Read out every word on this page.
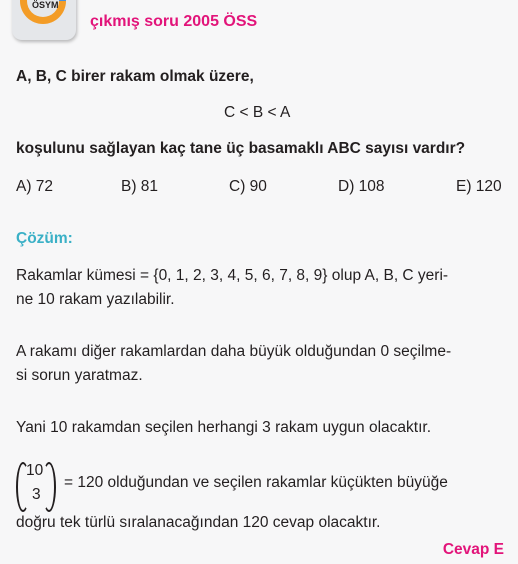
ÖSYM
çıkmış soru 2005 ÖSS
A, B, C birer rakam olmak üzere,
C < B < A
koşulunu sağlayan kaç tane üç basamaklı ABC sayısı vardır?
A) 72	B) 81	C) 90	D) 108	E) 120
Çözüm:
Rakamlar kümesi = {0, 1, 2, 3, 4, 5, 6, 7, 8, 9} olup A, B, C yeri-
ne 10 rakam yazılabilir.
A rakamı diğer rakamlardan daha büyük olduğundan 0 seçilme-
si sorun yaratmaz.
Yani 10 rakamdan seçilen herhangi 3 rakam uygun olacaktır.
10
3
= 120 olduğundan ve seçilen rakamlar küçükten büyüğe
doğru tek türlü sıralanacağından 120 cevap olacaktır.
Cevap E
